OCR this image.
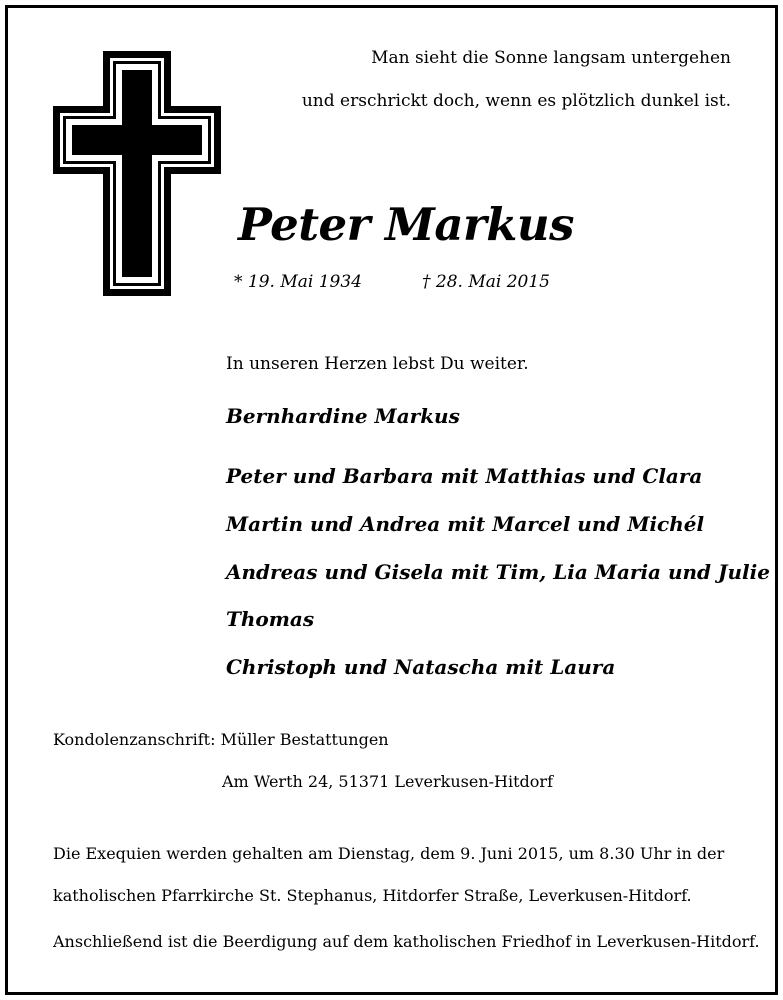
Man sieht die Sonne langsam untergehen
und erschrickt doch, wenn es plötzlich dunkel ist.
Peter Markus
* 19. Mai 1934	† 28. Mai 2015
In unseren Herzen lebst Du weiter.
Bernhardine Markus
Peter und Barbara mit Matthias und Clara
Martin und Andrea mit Marcel und Michél
Andreas und Gisela mit Tim, Lia Maria und Julie
Thomas
Christoph und Natascha mit Laura
Kondolenzanschrift: Müller Bestattungen
Am Werth 24, 51371 Leverkusen-Hitdorf
Die Exequien werden gehalten am Dienstag, dem 9. Juni 2015, um 8.30 Uhr in der
katholischen Pfarrkirche St. Stephanus, Hitdorfer Straße, Leverkusen-Hitdorf.
Anschließend ist die Beerdigung auf dem katholischen Friedhof in Leverkusen-Hitdorf.
